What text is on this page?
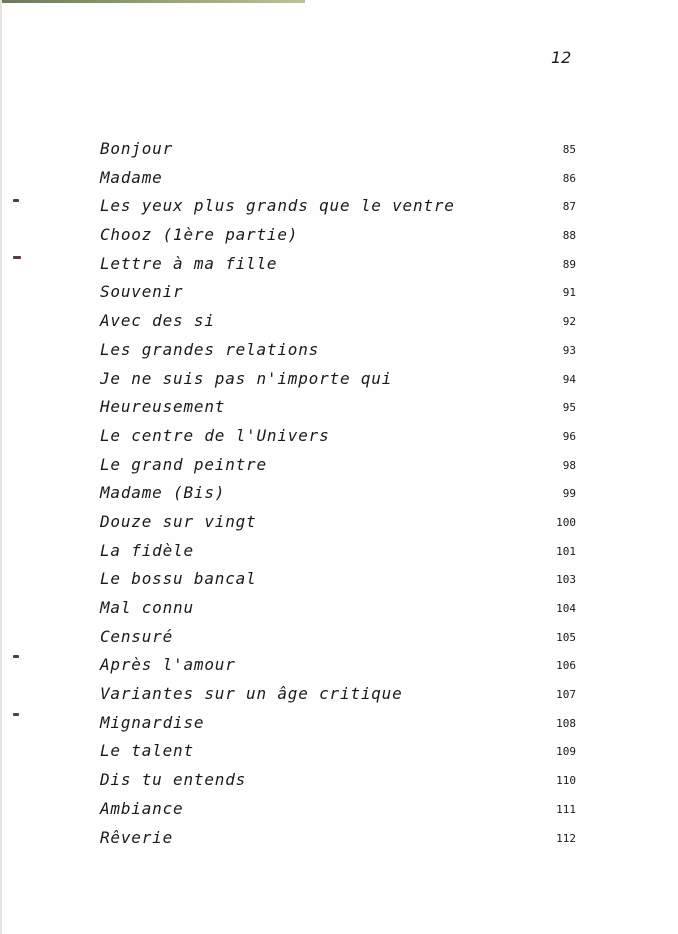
12
Bonjour	85
Madame	86
Les yeux plus grands que le ventre	87
Chooz (1ère partie)	88
Lettre à ma fille	89
Souvenir	91
Avec des si	92
Les grandes relations	93
Je ne suis pas n'importe qui	94
Heureusement	95
Le centre de l'Univers	96
Le grand peintre	98
Madame (Bis)	99
Douze sur vingt	100
La fidèle	101
Le bossu bancal	103
Mal connu	104
Censuré	105
Après l'amour	106
Variantes sur un âge critique	107
Mignardise	108
Le talent	109
Dis tu entends	110
Ambiance	111
Rêverie	112
